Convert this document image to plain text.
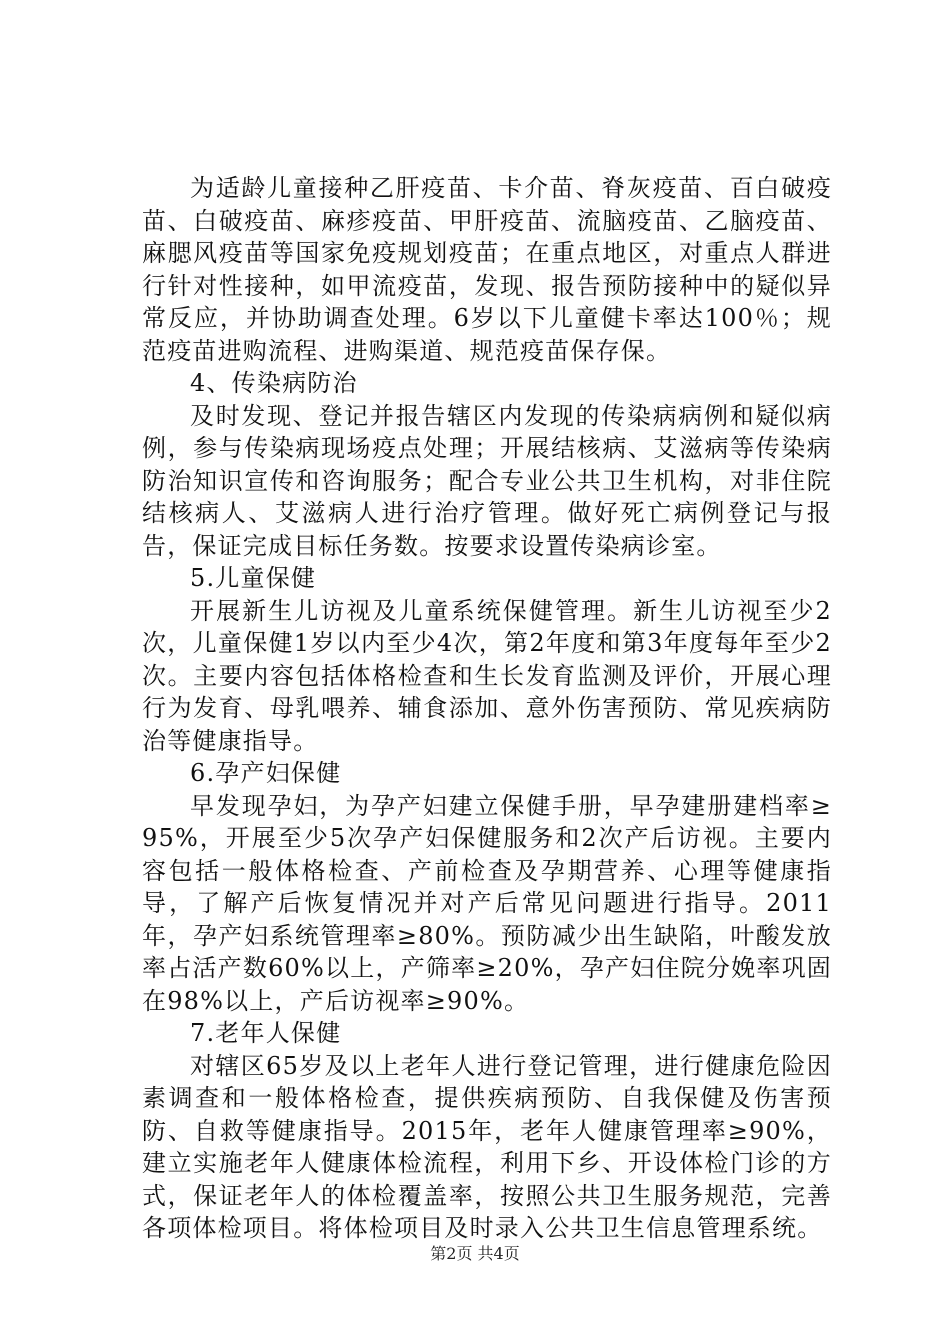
为适龄儿童接种乙肝疫苗、卡介苗、脊灰疫苗、百白破疫苗、白破疫苗、麻疹疫苗、甲肝疫苗、流脑疫苗、乙脑疫苗、麻腮风疫苗等国家免疫规划疫苗；在重点地区，对重点人群进行针对性接种，如甲流疫苗，发现、报告预防接种中的疑似异常反应，并协助调查处理。6岁以下儿童健卡率达100％；规范疫苗进购流程、进购渠道、规范疫苗保存保。

4、传染病防治

及时发现、登记并报告辖区内发现的传染病病例和疑似病例，参与传染病现场疫点处理；开展结核病、艾滋病等传染病防治知识宣传和咨询服务；配合专业公共卫生机构，对非住院结核病人、艾滋病人进行治疗管理。做好死亡病例登记与报告，保证完成目标任务数。按要求设置传染病诊室。

5.儿童保健

开展新生儿访视及儿童系统保健管理。新生儿访视至少2次，儿童保健1岁以内至少4次，第2年度和第3年度每年至少2次。主要内容包括体格检查和生长发育监测及评价，开展心理行为发育、母乳喂养、辅食添加、意外伤害预防、常见疾病防治等健康指导。

6.孕产妇保健

早发现孕妇，为孕产妇建立保健手册，早孕建册建档率≥95%，开展至少5次孕产妇保健服务和2次产后访视。主要内容包括一般体格检查、产前检查及孕期营养、心理等健康指导，了解产后恢复情况并对产后常见问题进行指导。2011年，孕产妇系统管理率≥80%。预防减少出生缺陷，叶酸发放率占活产数60%以上，产筛率≥20%，孕产妇住院分娩率巩固在98%以上，产后访视率≥90%。

7.老年人保健

对辖区65岁及以上老年人进行登记管理，进行健康危险因素调查和一般体格检查，提供疾病预防、自我保健及伤害预防、自救等健康指导。2015年，老年人健康管理率≥90%，建立实施老年人健康体检流程，利用下乡、开设体检门诊的方式，保证老年人的体检覆盖率，按照公共卫生服务规范，完善各项体检项目。将体检项目及时录入公共卫生信息管理系统。

第2页 共4页
